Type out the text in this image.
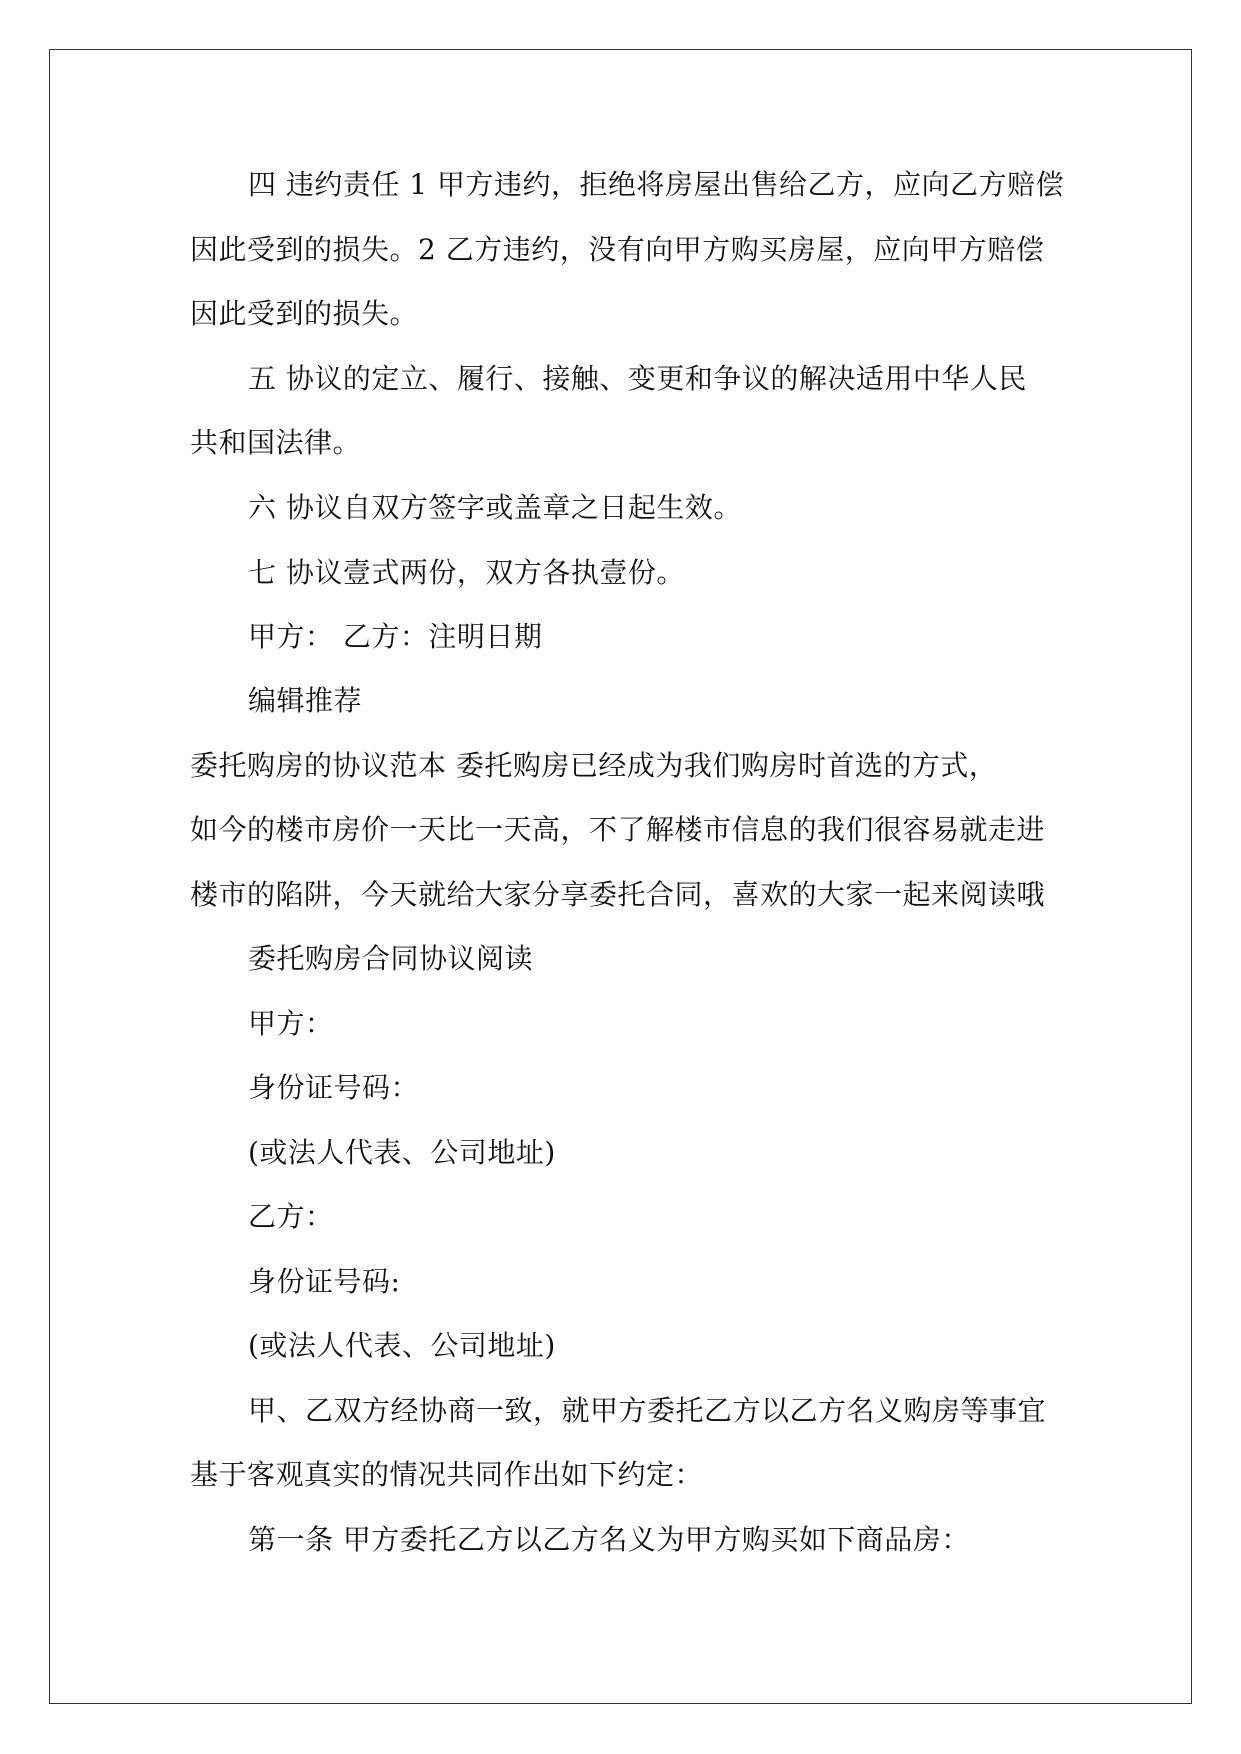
四 违约责任 1 甲方违约，拒绝将房屋出售给乙方，应向乙方赔偿
因此受到的损失。2 乙方违约，没有向甲方购买房屋，应向甲方赔偿
因此受到的损失。
五 协议的定立、履行、接触、变更和争议的解决适用中华人民
共和国法律。
六 协议自双方签字或盖章之日起生效。
七 协议壹式两份，双方各执壹份。
甲方： 乙方：注明日期
编辑推荐
委托购房的协议范本 委托购房已经成为我们购房时首选的方式，
如今的楼市房价一天比一天高，不了解楼市信息的我们很容易就走进
楼市的陷阱，今天就给大家分享委托合同，喜欢的大家一起来阅读哦
委托购房合同协议阅读
甲方：
身份证号码：
(或法人代表、公司地址)
乙方：
身份证号码:
(或法人代表、公司地址)
甲、乙双方经协商一致，就甲方委托乙方以乙方名义购房等事宜
基于客观真实的情况共同作出如下约定：
第一条 甲方委托乙方以乙方名义为甲方购买如下商品房：
